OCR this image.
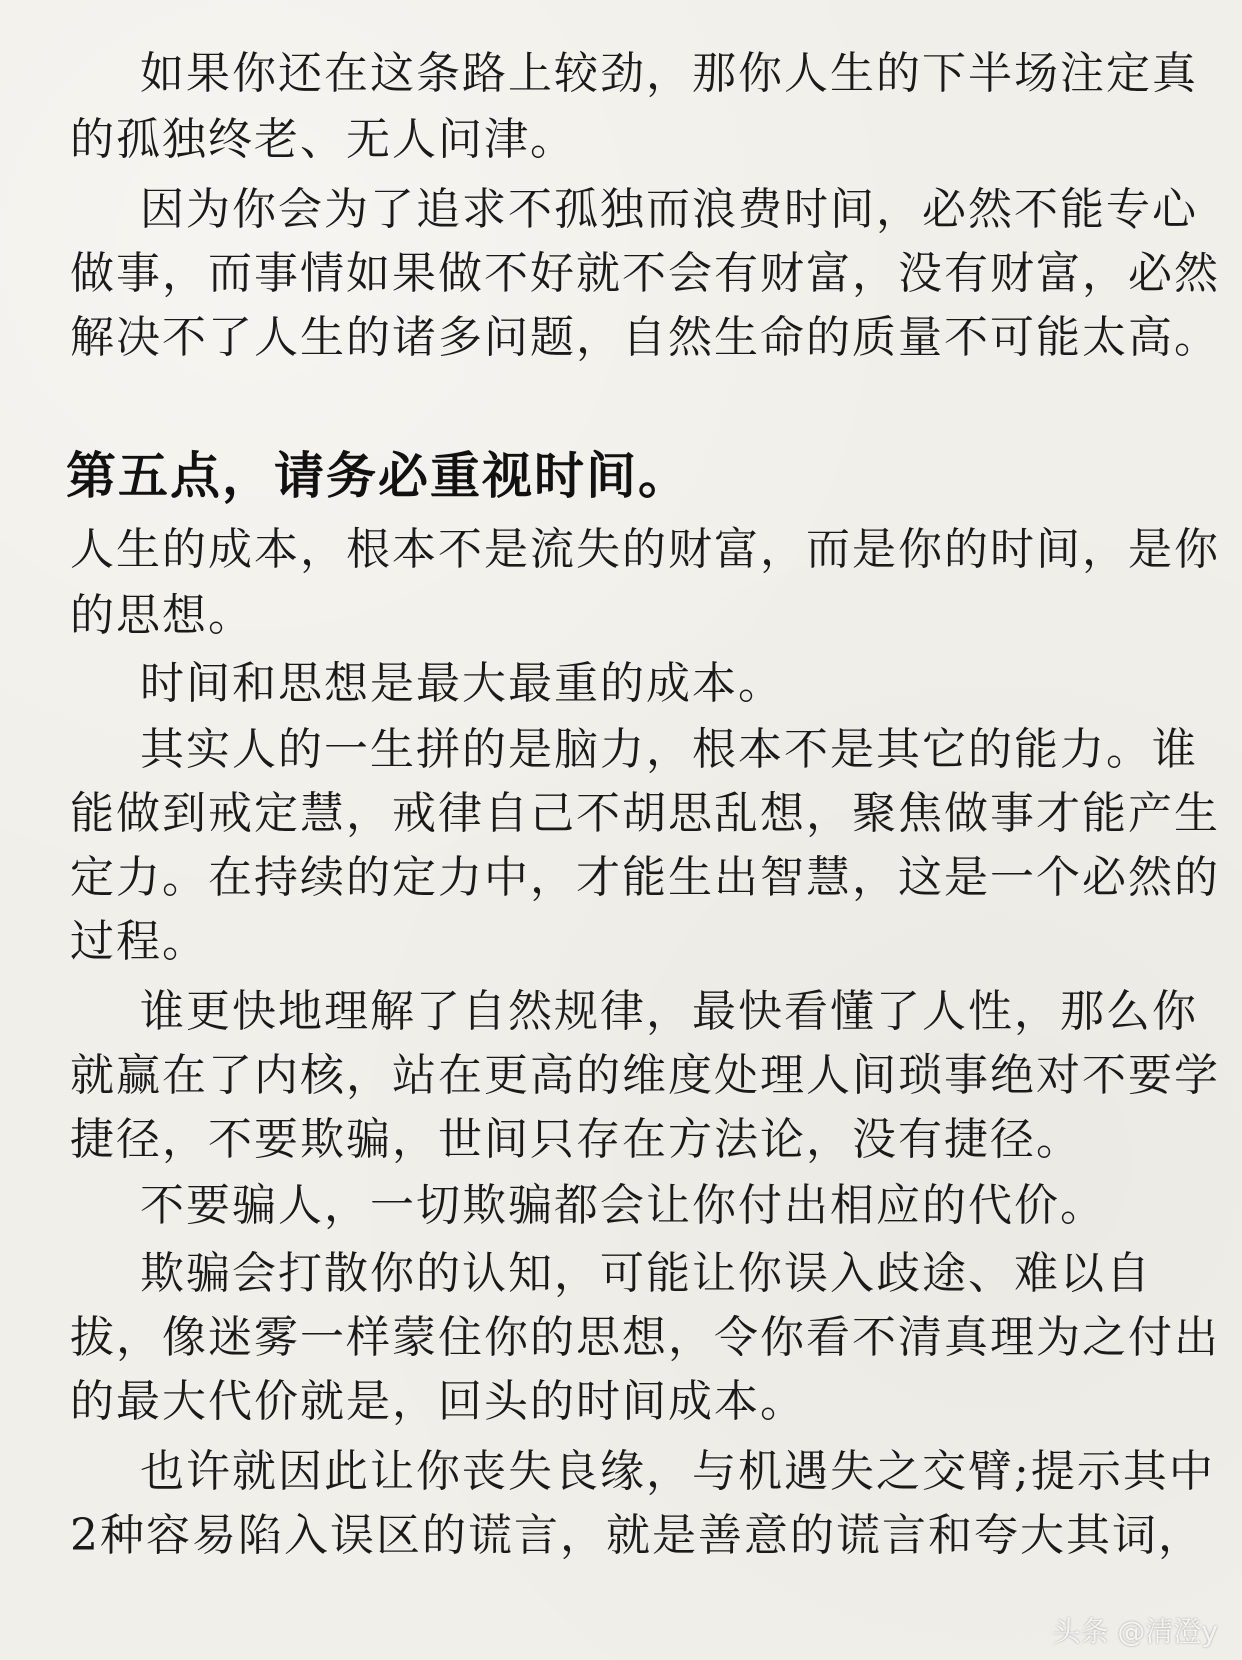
如果你还在这条路上较劲，那你人生的下半场注定真
的孤独终老、无人问津。
因为你会为了追求不孤独而浪费时间，必然不能专心
做事，而事情如果做不好就不会有财富，没有财富，必然
解决不了人生的诸多问题，自然生命的质量不可能太高。
第五点，请务必重视时间。
人生的成本，根本不是流失的财富，而是你的时间，是你
的思想。
时间和思想是最大最重的成本。
其实人的一生拼的是脑力，根本不是其它的能力。谁
能做到戒定慧，戒律自己不胡思乱想，聚焦做事才能产生
定力。在持续的定力中，才能生出智慧，这是一个必然的
过程。
谁更快地理解了自然规律，最快看懂了人性，那么你
就赢在了内核，站在更高的维度处理人间琐事绝对不要学
捷径，不要欺骗，世间只存在方法论，没有捷径。
不要骗人，一切欺骗都会让你付出相应的代价。
欺骗会打散你的认知，可能让你误入歧途、难以自
拔，像迷雾一样蒙住你的思想，令你看不清真理为之付出
的最大代价就是，回头的时间成本。
也许就因此让你丧失良缘，与机遇失之交臂;提示其中
2种容易陷入误区的谎言，就是善意的谎言和夸大其词，
头条 @清澄y
